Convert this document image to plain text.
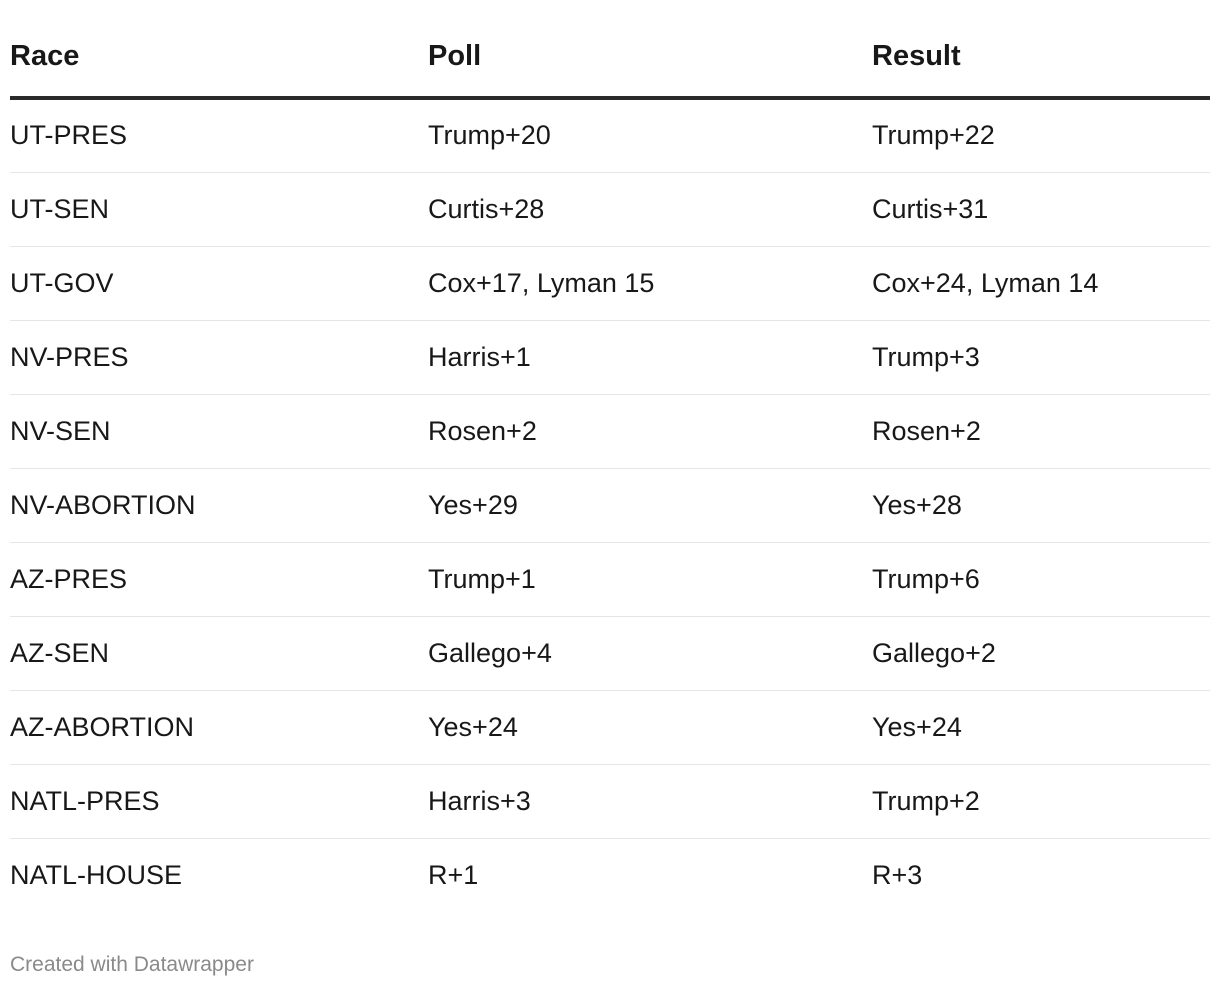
Race	Poll	Result
UT-PRES	Trump+20	Trump+22
UT-SEN	Curtis+28	Curtis+31
UT-GOV	Cox+17, Lyman 15	Cox+24, Lyman 14
NV-PRES	Harris+1	Trump+3
NV-SEN	Rosen+2	Rosen+2
NV-ABORTION	Yes+29	Yes+28
AZ-PRES	Trump+1	Trump+6
AZ-SEN	Gallego+4	Gallego+2
AZ-ABORTION	Yes+24	Yes+24
NATL-PRES	Harris+3	Trump+2
NATL-HOUSE	R+1	R+3
Created with Datawrapper
